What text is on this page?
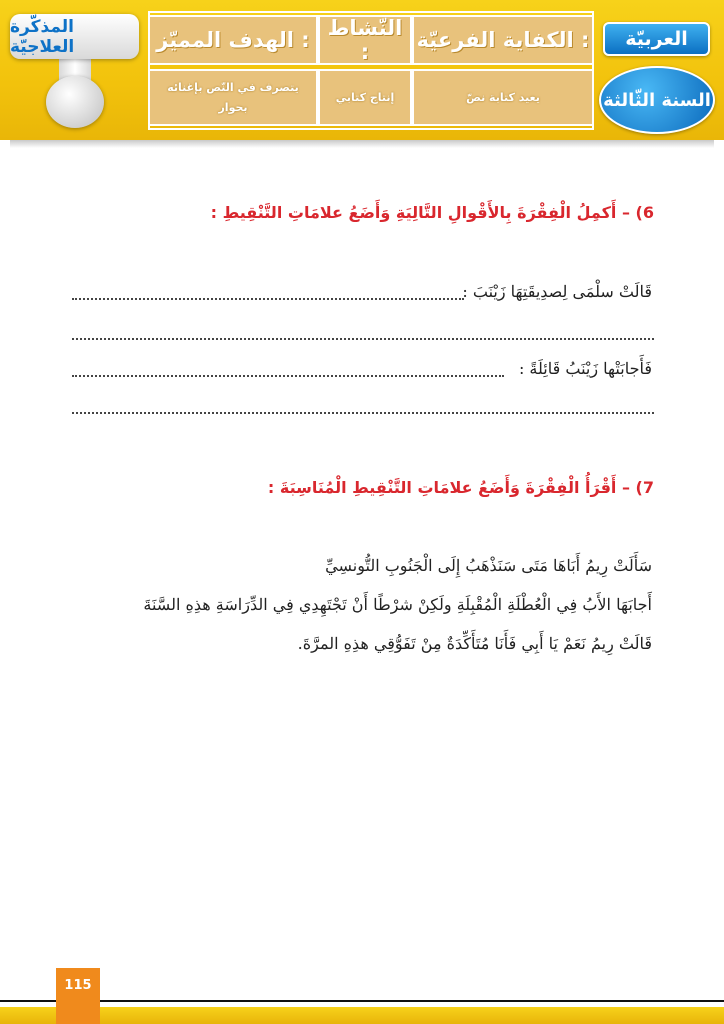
المذكّرة العلاجيّة	الكفاية الفرعيّة :
النّشاط :
الهدف المميّز :
يعيد كتابة نصّ
إنتاج كتابي
يتصرف في النّص بإغنائه بحوار
العربيّة
السنة الثّالثة
6) – أَكمِلُ الْفِقْرَةَ بِالأَقْوالِ التَّالِيَةِ وَأَضَعُ علامَاتِ التَّنْقِيطِ :
قَالَتْ سلْمَى لِصدِيقَتِهَا زَيْنَبَ :
فَأَجابَتْها زَيْنَبُ قَائِلَةً :
7) – أَقْرَأُ الْفِقْرَةَ وَأَضَعُ علامَاتِ التَّنْقِيطِ الْمُنَاسِبَةَ :
سَأَلَتْ رِيمُ أَبَاهَا مَتَى سَنَذْهَبُ إِلَى الْجَنُوبِ التُّونسِيِّ
أَجابَهَا الأَبُ فِي الْعُطْلَةِ الْمُقْبِلَةِ ولَكِنْ شرْطًا أَنْ تَجْتَهِدِي فِي الدِّرَاسَةِ هذِهِ السَّنَةَ
قَالَتْ رِيمُ نَعَمْ يَا أَبِي فَأَنَا مُتَأَكِّدَةٌ مِنْ تَفَوُّقِي هذِهِ المرَّةَ.
115
